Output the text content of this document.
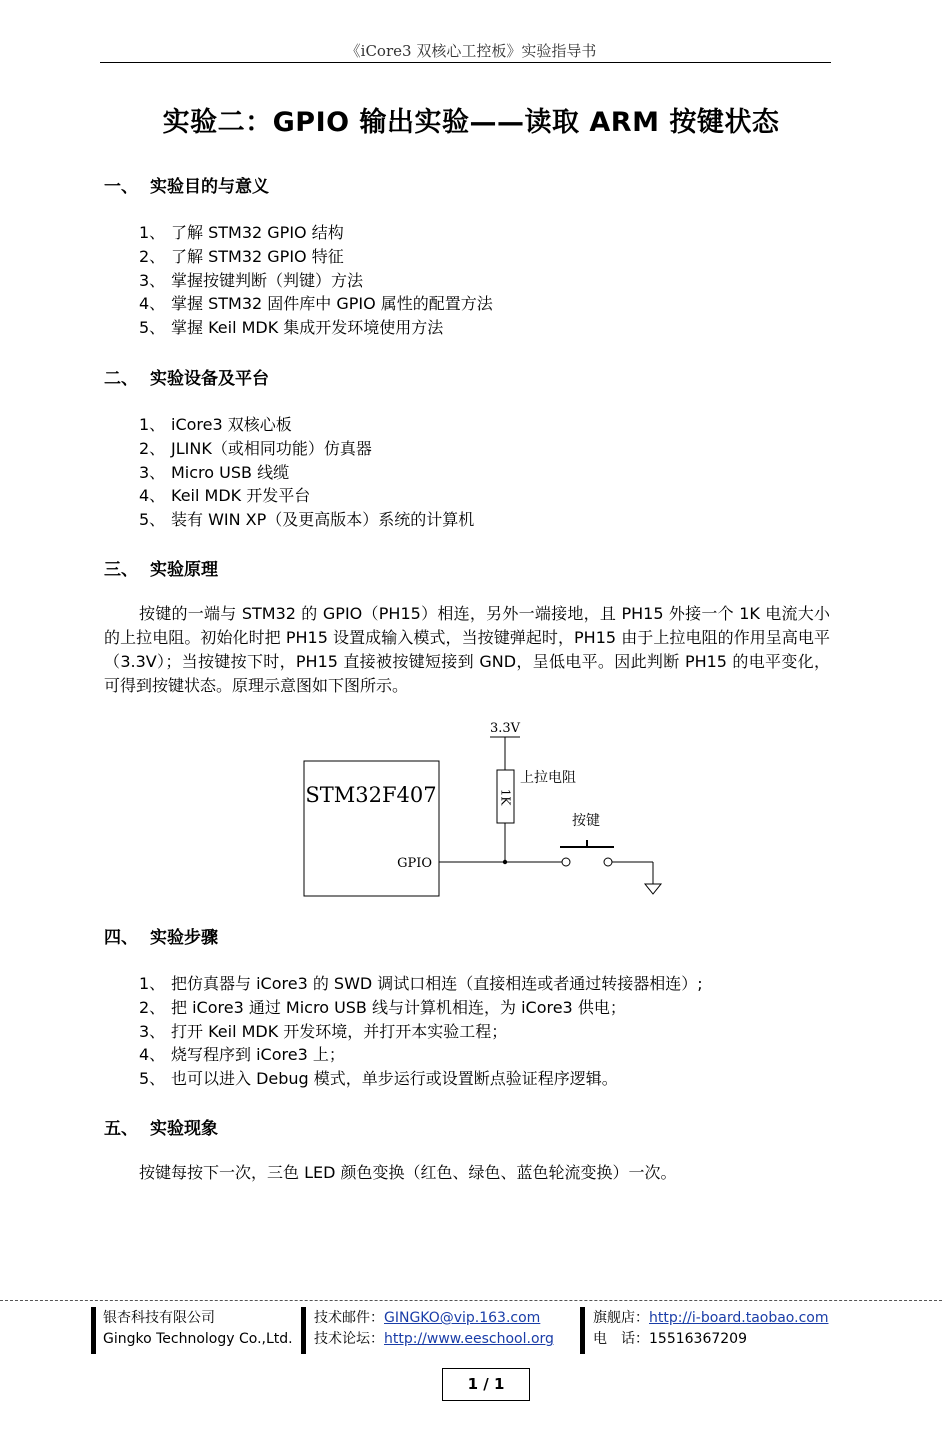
《iCore3 双核心工控板》实验指导书
实验二：GPIO 输出实验——读取 ARM 按键状态
一、 实验目的与意义
1、 了解 STM32 GPIO 结构
2、 了解 STM32 GPIO 特征
3、 掌握按键判断（判键）方法
4、 掌握 STM32 固件库中 GPIO 属性的配置方法
5、 掌握 Keil MDK 集成开发环境使用方法
二、 实验设备及平台
1、 iCore3 双核心板
2、 JLINK（或相同功能）仿真器
3、 Micro USB 线缆
4、 Keil MDK 开发平台
5、 装有 WIN XP（及更高版本）系统的计算机
三、 实验原理

按键的一端与 STM32 的 GPIO（PH15）相连，另外一端接地，且 PH15 外接一个 1K 电流大小的上拉电阻。初始化时把 PH15 设置成输入模式，当按键弹起时，PH15 由于上拉电阻的作用呈高电平（3.3V）；当按键按下时，PH15 直接被按键短接到 GND，呈低电平。因此判断 PH15 的电平变化，可得到按键状态。原理示意图如下图所示。

STM32F407
GPIO
3.3V
1K
上拉电阻
按键
四、 实验步骤
1、 把仿真器与 iCore3 的 SWD 调试口相连（直接相连或者通过转接器相连）;
2、 把 iCore3 通过 Micro USB 线与计算机相连，为 iCore3 供电；
3、 打开 Keil MDK 开发环境，并打开本实验工程；
4、 烧写程序到 iCore3 上；
5、 也可以进入 Debug 模式，单步运行或设置断点验证程序逻辑。
五、 实验现象

按键每按下一次，三色 LED 颜色变换（红色、绿色、蓝色轮流变换）一次。

银杏科技有限公司
Gingko Technology Co.,Ltd.
技术邮件：GINGKO@vip.163.com
技术论坛：http://www.eeschool.org
旗舰店：http://i-board.taobao.com
电　话：15516367209
1 / 1
